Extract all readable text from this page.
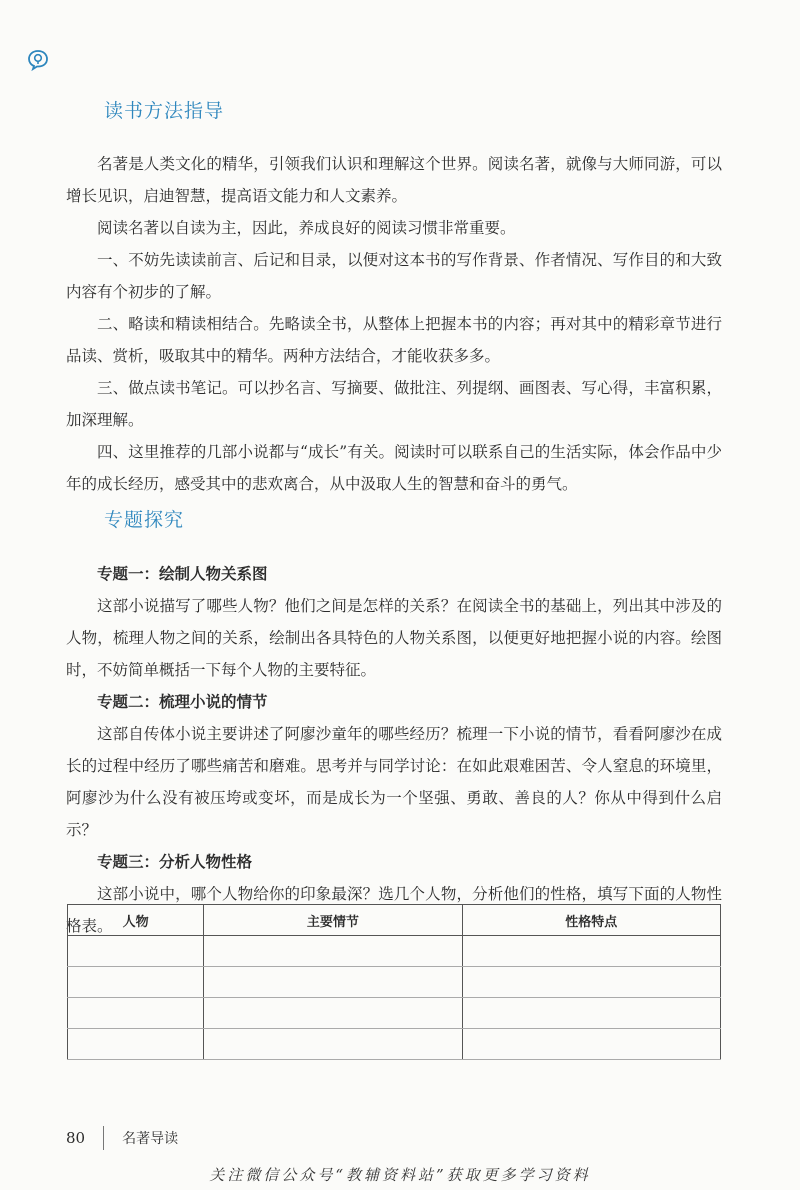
读书方法指导

名著是人类文化的精华，引领我们认识和理解这个世界。阅读名著，就像与大师同游，可以增长见识，启迪智慧，提高语文能力和人文素养。

阅读名著以自读为主，因此，养成良好的阅读习惯非常重要。

一、不妨先读读前言、后记和目录，以便对这本书的写作背景、作者情况、写作目的和大致内容有个初步的了解。

二、略读和精读相结合。先略读全书，从整体上把握本书的内容；再对其中的精彩章节进行品读、赏析，吸取其中的精华。两种方法结合，才能收获多多。

三、做点读书笔记。可以抄名言、写摘要、做批注、列提纲、画图表、写心得，丰富积累，加深理解。

四、这里推荐的几部小说都与“成长”有关。阅读时可以联系自己的生活实际，体会作品中少年的成长经历，感受其中的悲欢离合，从中汲取人生的智慧和奋斗的勇气。

专题探究
专题一：绘制人物关系图

这部小说描写了哪些人物？他们之间是怎样的关系？在阅读全书的基础上，列出其中涉及的人物，梳理人物之间的关系，绘制出各具特色的人物关系图，以便更好地把握小说的内容。绘图时，不妨简单概括一下每个人物的主要特征。

专题二：梳理小说的情节

这部自传体小说主要讲述了阿廖沙童年的哪些经历？梳理一下小说的情节，看看阿廖沙在成长的过程中经历了哪些痛苦和磨难。思考并与同学讨论：在如此艰难困苦、令人窒息的环境里，阿廖沙为什么没有被压垮或变坏，而是成长为一个坚强、勇敢、善良的人？你从中得到什么启示？

专题三：分析人物性格

这部小说中，哪个人物给你的印象最深？选几个人物，分析他们的性格，填写下面的人物性格表。 人物	主要情节	性格特点

80	名著导读
关注微信公众号“教辅资料站”获取更多学习资料
